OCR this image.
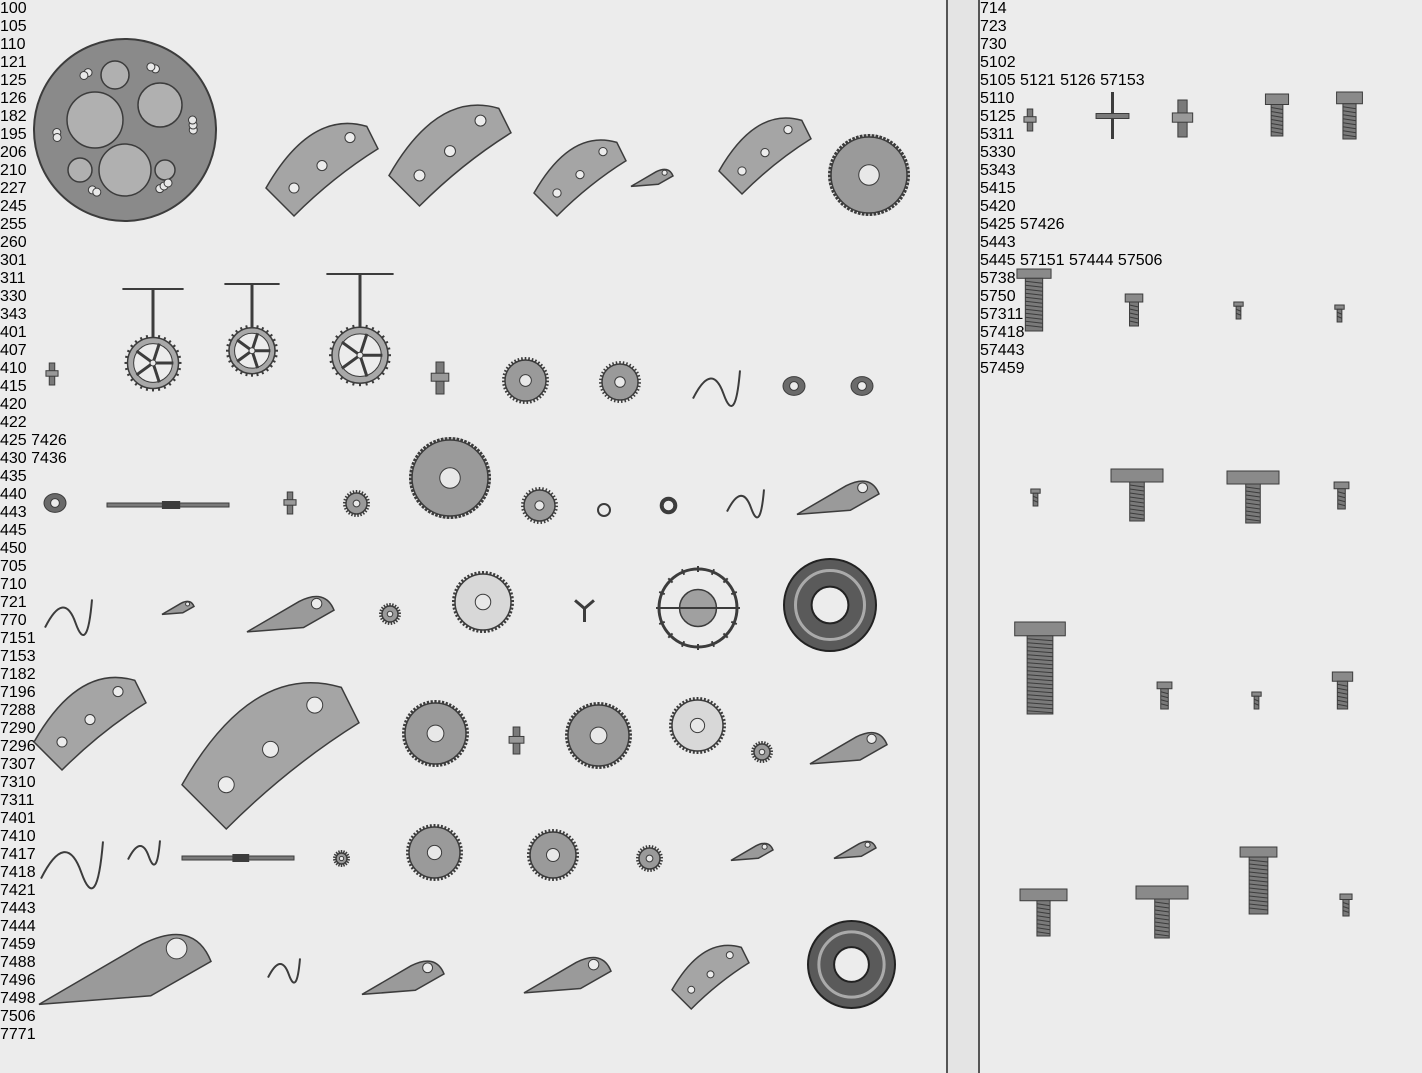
100
105
110
121
125
126
182
195
206
210
227
245
255
260
301
311
330
343
401
407
410
415
420
422
425 7426
430 7436
435
440
443
445
450
705
710
721
770
7151
7153
7182
7196
7288
7290
7296
7307
7310
7311
7401
7410
7417
7418
7421
7443
7444
7459
7488
7496
7498
7506
7771
714
723
730
5102
5105 5121 5126 57153
5110
5125
5311
5330
5343
5415
5420
5425 57426
5443
5445 57151 57444 57506
5738
5750
57311
57418
57443
57459
